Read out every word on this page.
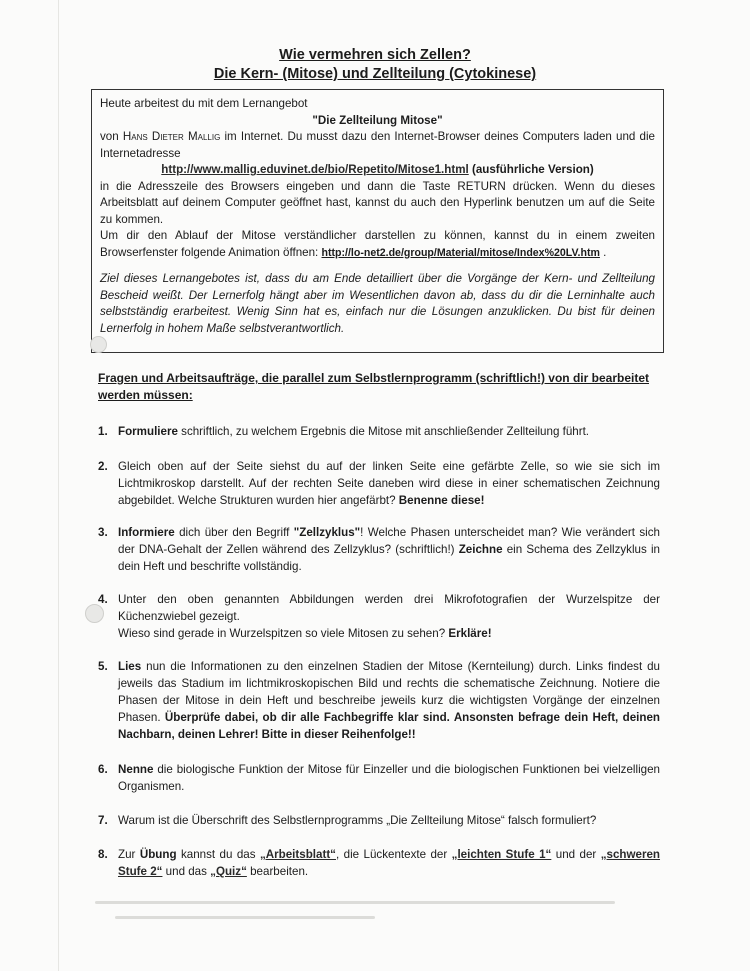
Wie vermehren sich Zellen?
Die Kern- (Mitose) und Zellteilung (Cytokinese)

Heute arbeitest du mit dem Lernangebot

"Die Zellteilung Mitose"

von Hans Dieter Mallig im Internet. Du musst dazu den Internet-Browser deines Computers laden und die Internetadresse

http://www.mallig.eduvinet.de/bio/Repetito/Mitose1.html (ausführliche Version)

in die Adresszeile des Browsers eingeben und dann die Taste RETURN drücken. Wenn du dieses Arbeitsblatt auf deinem Computer geöffnet hast, kannst du auch den Hyperlink benutzen um auf die Seite zu kommen.

Um dir den Ablauf der Mitose verständlicher darstellen zu können, kannst du in einem zweiten Browserfenster folgende Animation öffnen: http://lo-net2.de/group/Material/mitose/Index%20LV.htm .

Ziel dieses Lernangebotes ist, dass du am Ende detailliert über die Vorgänge der Kern- und Zellteilung Bescheid weißt. Der Lernerfolg hängt aber im Wesentlichen davon ab, dass du dir die Lerninhalte auch selbstständig erarbeitest. Wenig Sinn hat es, einfach nur die Lösungen anzuklicken. Du bist für deinen Lernerfolg in hohem Maße selbstverantwortlich.

Fragen und Arbeitsaufträge, die parallel zum Selbstlernprogramm (schriftlich!) von dir bearbeitet werden müssen:
1. Formuliere schriftlich, zu welchem Ergebnis die Mitose mit anschließender Zellteilung führt.

2. Gleich oben auf der Seite siehst du auf der linken Seite eine gefärbte Zelle, so wie sie sich im Lichtmikroskop darstellt. Auf der rechten Seite daneben wird diese in einer schematischen Zeichnung abgebildet. Welche Strukturen wurden hier angefärbt? Benenne diese!

3. Informiere dich über den Begriff "Zellzyklus"! Welche Phasen unterscheidet man? Wie verändert sich der DNA-Gehalt der Zellen während des Zellzyklus? (schriftlich!) Zeichne ein Schema des Zellzyklus in dein Heft und beschrifte vollständig.

4. Unter den oben genannten Abbildungen werden drei Mikrofotografien der Wurzelspitze der Küchenzwiebel gezeigt.

Wieso sind gerade in Wurzelspitzen so viele Mitosen zu sehen? Erkläre!

5. Lies nun die Informationen zu den einzelnen Stadien der Mitose (Kernteilung) durch. Links findest du jeweils das Stadium im lichtmikroskopischen Bild und rechts die schematische Zeichnung. Notiere die Phasen der Mitose in dein Heft und beschreibe jeweils kurz die wichtigsten Vorgänge der einzelnen Phasen. Überprüfe dabei, ob dir alle Fachbegriffe klar sind. Ansonsten befrage dein Heft, deinen Nachbarn, deinen Lehrer! Bitte in dieser Reihenfolge!!

6. Nenne die biologische Funktion der Mitose für Einzeller und die biologischen Funktionen bei vielzelligen Organismen.

7. Warum ist die Überschrift des Selbstlernprogramms „Die Zellteilung Mitose“ falsch formuliert?

8. Zur Übung kannst du das „Arbeitsblatt“, die Lückentexte der „leichten Stufe 1“ und der „schweren Stufe 2“ und das „Quiz“ bearbeiten.
